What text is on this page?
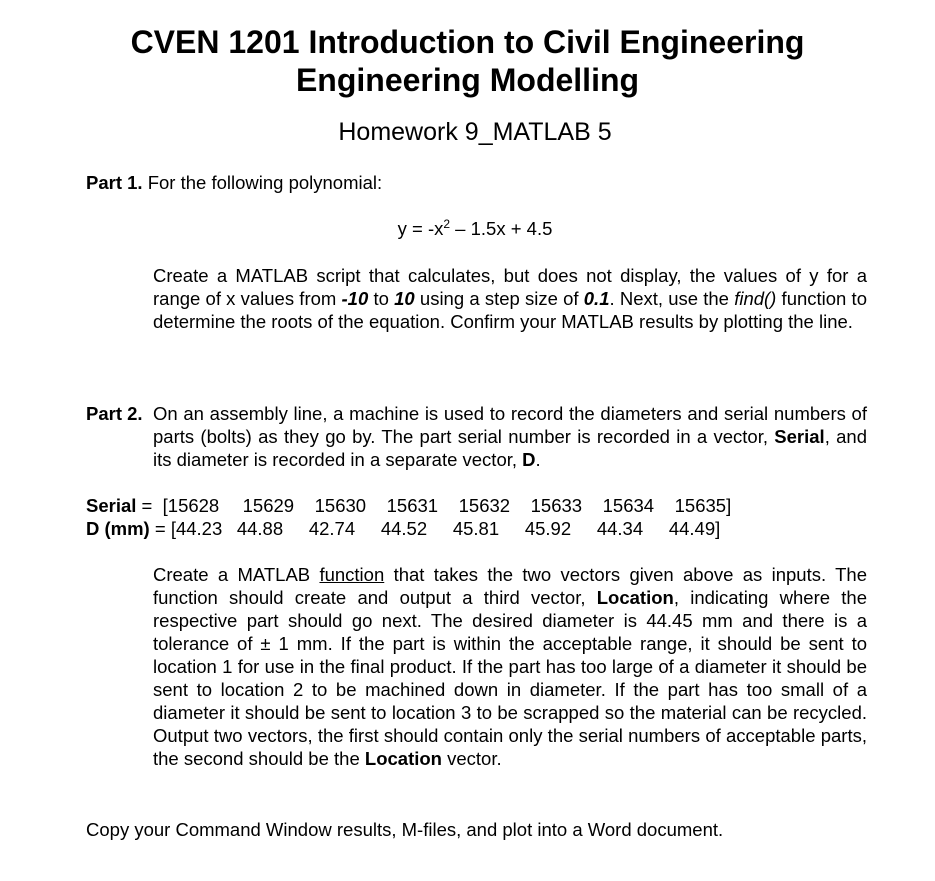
CVEN 1201 Introduction to Civil Engineering
Engineering Modelling
Homework 9_MATLAB 5
Part 1. For the following polynomial:
$y = -x^2 - 1.5x + 4.5$
Create a MATLAB script that calculates, but does not display, the values of y for a range of x values from -10 to 10 using a step size of 0.1. Next, use the find() function to determine the roots of the equation. Confirm your MATLAB results by plotting the line.
Part 2. On an assembly line, a machine is used to record the diameters and serial numbers of parts (bolts) as they go by. The part serial number is recorded in a vector, Serial, and its diameter is recorded in a separate vector, D.
Serial =  [15628 15629 15630 15631 15632 15633 15634 15635]
D (mm) = [44.23 44.88 42.74 44.52 45.81 45.92 44.34 44.49]
Create a MATLAB function that takes the two vectors given above as inputs. The function should create and output a third vector, Location, indicating where the respective part should go next. The desired diameter is 44.45 mm and there is a tolerance of ± 1 mm. If the part is within the acceptable range, it should be sent to location 1 for use in the final product. If the part has too large of a diameter it should be sent to location 2 to be machined down in diameter. If the part has too small of a diameter it should be sent to location 3 to be scrapped so the material can be recycled. Output two vectors, the first should contain only the serial numbers of acceptable parts, the second should be the Location vector.
Copy your Command Window results, M-files, and plot into a Word document.
